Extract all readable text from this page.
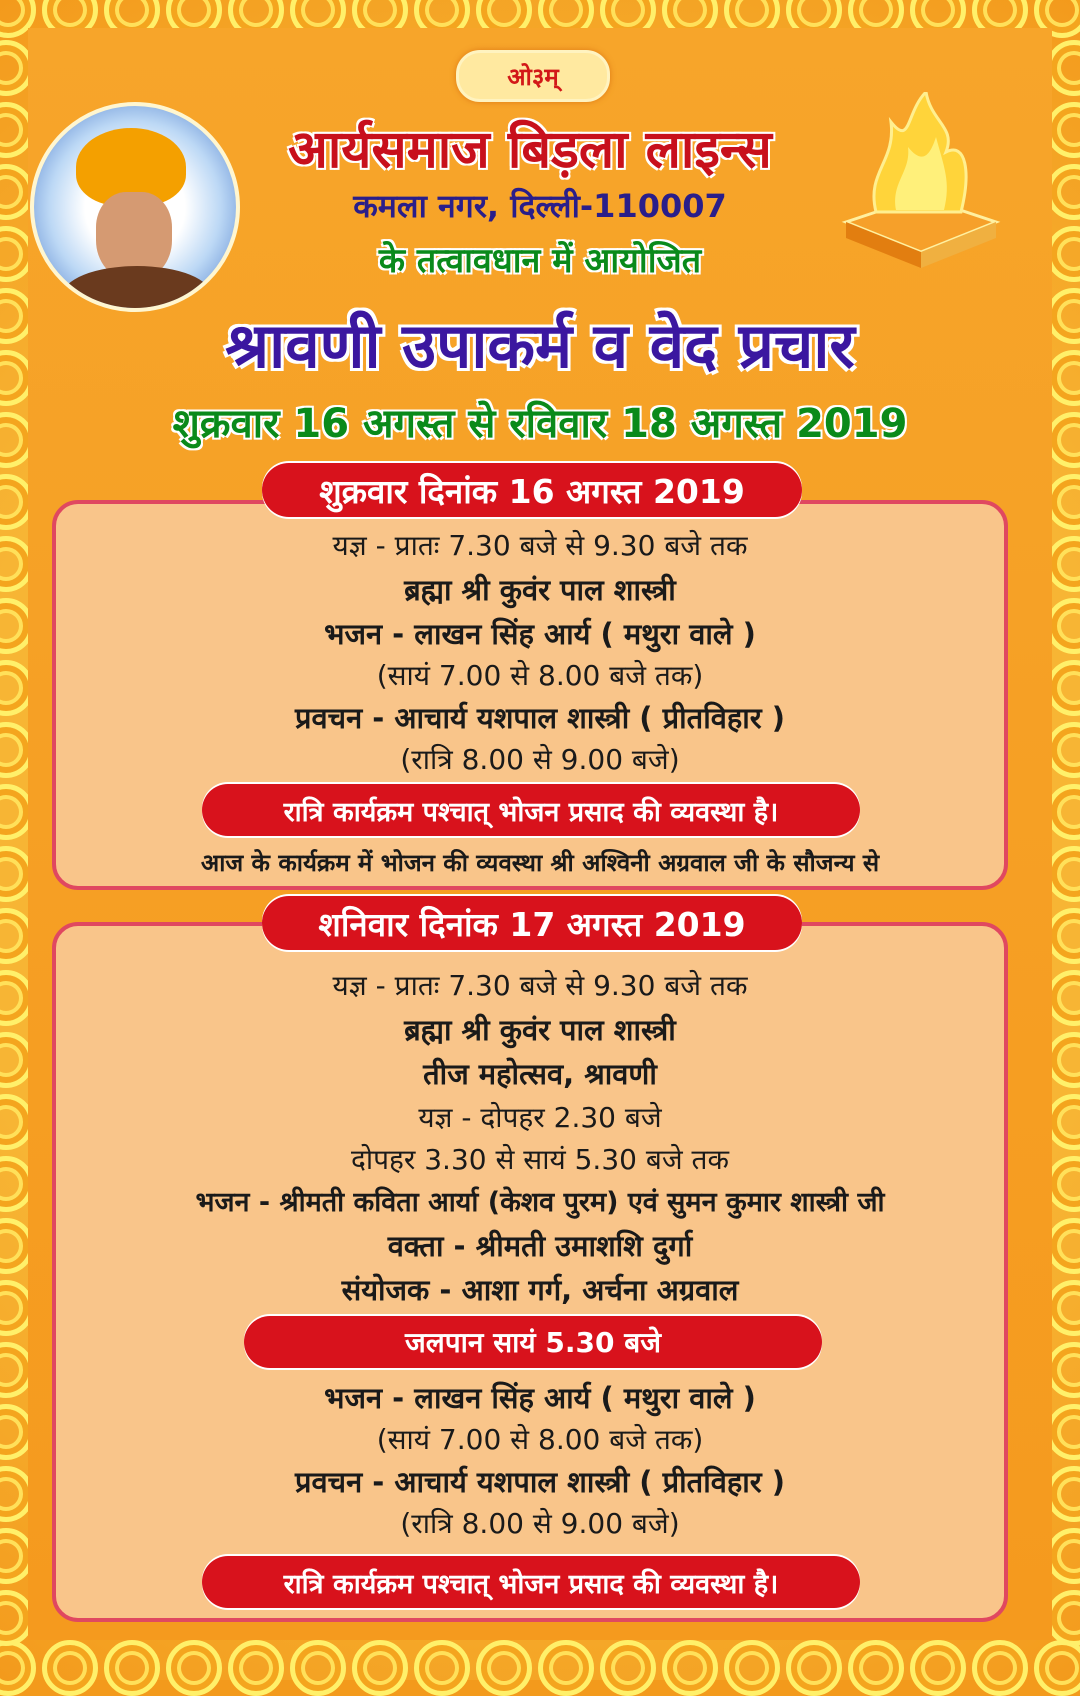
ओ३म्
आर्यसमाज बिड़ला लाइन्स
कमला नगर, दिल्ली-110007
के तत्वावधान में आयोजित
श्रावणी उपाकर्म व वेद प्रचार
शुक्रवार 16 अगस्त से रविवार 18 अगस्त 2019
शुक्रवार दिनांक 16 अगस्त 2019
यज्ञ - प्रातः 7.30 बजे से 9.30 बजे तक
ब्रह्मा श्री कुवंर पाल शास्त्री
भजन - लाखन सिंह आर्य ( मथुरा वाले )
(सायं 7.00 से 8.00 बजे तक)
प्रवचन - आचार्य यशपाल शास्त्री ( प्रीतविहार )
(रात्रि 8.00 से 9.00 बजे)
रात्रि कार्यक्रम पश्चात् भोजन प्रसाद की व्यवस्था है।
आज के कार्यक्रम में भोजन की व्यवस्था श्री अश्विनी अग्रवाल जी के सौजन्य से
शनिवार दिनांक 17 अगस्त 2019
यज्ञ - प्रातः 7.30 बजे से 9.30 बजे तक
ब्रह्मा श्री कुवंर पाल शास्त्री
तीज महोत्सव, श्रावणी
यज्ञ - दोपहर 2.30 बजे
दोपहर 3.30 से सायं 5.30 बजे तक
भजन - श्रीमती कविता आर्या (केशव पुरम) एवं सुमन कुमार शास्त्री जी
वक्ता - श्रीमती उमाशशि दुर्गा
संयोजक - आशा गर्ग, अर्चना अग्रवाल
जलपान सायं 5.30 बजे
भजन - लाखन सिंह आर्य ( मथुरा वाले )
(सायं 7.00 से 8.00 बजे तक)
प्रवचन - आचार्य यशपाल शास्त्री ( प्रीतविहार )
(रात्रि 8.00 से 9.00 बजे)
रात्रि कार्यक्रम पश्चात् भोजन प्रसाद की व्यवस्था है।
